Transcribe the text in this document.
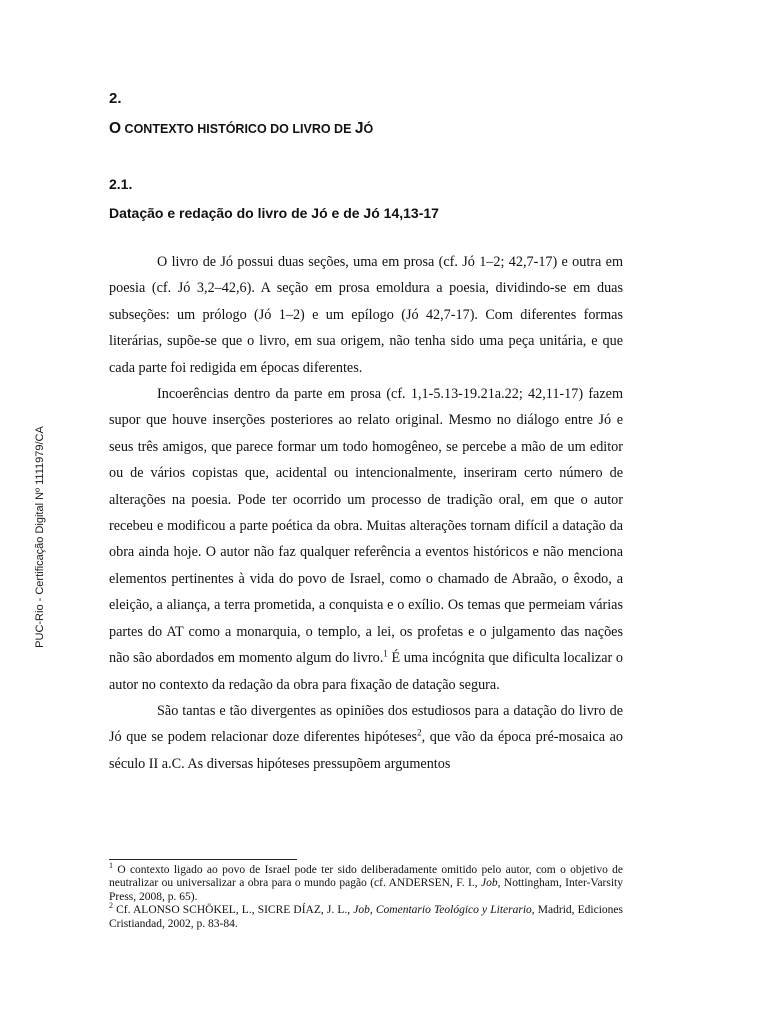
PUC-Rio - Certificação Digital Nº 1111979/CA
2.
O CONTEXTO HISTÓRICO DO LIVRO DE JÓ
2.1.
Datação e redação do livro de Jó e de Jó 14,13-17

O livro de Jó possui duas seções, uma em prosa (cf. Jó 1–2; 42,7-17) e outra em poesia (cf. Jó 3,2–42,6). A seção em prosa emoldura a poesia, dividindo-se em duas subseções: um prólogo (Jó 1–2) e um epílogo (Jó 42,7-17). Com diferentes formas literárias, supõe-se que o livro, em sua origem, não tenha sido uma peça unitária, e que cada parte foi redigida em épocas diferentes.

Incoerências dentro da parte em prosa (cf. 1,1-5.13-19.21a.22; 42,11-17) fazem supor que houve inserções posteriores ao relato original. Mesmo no diálogo entre Jó e seus três amigos, que parece formar um todo homogêneo, se percebe a mão de um editor ou de vários copistas que, acidental ou intencionalmente, inseriram certo número de alterações na poesia. Pode ter ocorrido um processo de tradição oral, em que o autor recebeu e modificou a parte poética da obra. Muitas alterações tornam difícil a datação da obra ainda hoje. O autor não faz qualquer referência a eventos históricos e não menciona elementos pertinentes à vida do povo de Israel, como o chamado de Abraão, o êxodo, a eleição, a aliança, a terra prometida, a conquista e o exílio. Os temas que permeiam várias partes do AT como a monarquia, o templo, a lei, os profetas e o julgamento das nações não são abordados em momento algum do livro.$^1$ É uma incógnita que dificulta localizar o autor no contexto da redação da obra para fixação de datação segura.

São tantas e tão divergentes as opiniões dos estudiosos para a datação do livro de Jó que se podem relacionar doze diferentes hipóteses$^2$, que vão da época pré-mosaica ao século II a.C. As diversas hipóteses pressupõem argumentos

$^1$ O contexto ligado ao povo de Israel pode ter sido deliberadamente omitido pelo autor, com o objetivo de neutralizar ou universalizar a obra para o mundo pagão (cf. ANDERSEN, F. I., Job, Nottingham, Inter-Varsity Press, 2008, p. 65).

$^2$ Cf. ALONSO SCHÖKEL, L., SICRE DÍAZ, J. L., Job, Comentario Teológico y Literario, Madrid, Ediciones Cristiandad, 2002, p. 83-84.
